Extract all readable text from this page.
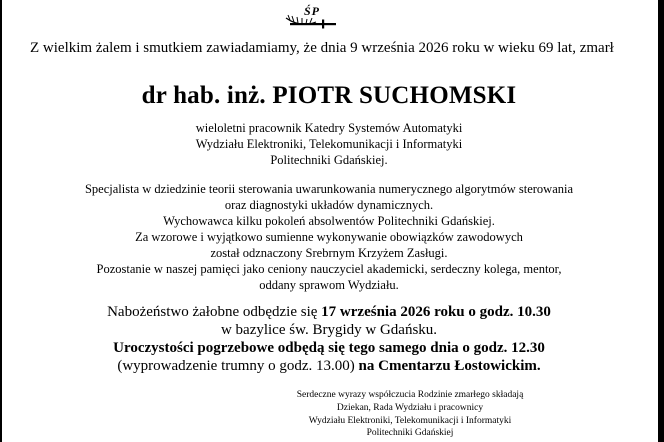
ŚP
Z wielkim żalem i smutkiem zawiadamiamy, że dnia 9 września 2026 roku w wieku 69 lat, zmarł
dr hab. inż. PIOTR SUCHOMSKI
wieloletni pracownik Katedry Systemów Automatyki
Wydziału Elektroniki, Telekomunikacji i Informatyki
Politechniki Gdańskiej.
Specjalista w dziedzinie teorii sterowania uwarunkowania numerycznego algorytmów sterowania
oraz diagnostyki układów dynamicznych.
Wychowawca kilku pokoleń absolwentów Politechniki Gdańskiej.
Za wzorowe i wyjątkowo sumienne wykonywanie obowiązków zawodowych
został odznaczony Srebrnym Krzyżem Zasługi.
Pozostanie w naszej pamięci jako ceniony nauczyciel akademicki, serdeczny kolega, mentor,
oddany sprawom Wydziału.
Nabożeństwo żałobne odbędzie się 17 września 2026 roku o godz. 10.30
w bazylice św. Brygidy w Gdańsku.
Uroczystości pogrzebowe odbędą się tego samego dnia o godz. 12.30
(wyprowadzenie trumny o godz. 13.00) na Cmentarzu Łostowickim.
Serdeczne wyrazy współczucia Rodzinie zmarłego składają
Dziekan, Rada Wydziału i pracownicy
Wydziału Elektroniki, Telekomunikacji i Informatyki
Politechniki Gdańskiej
